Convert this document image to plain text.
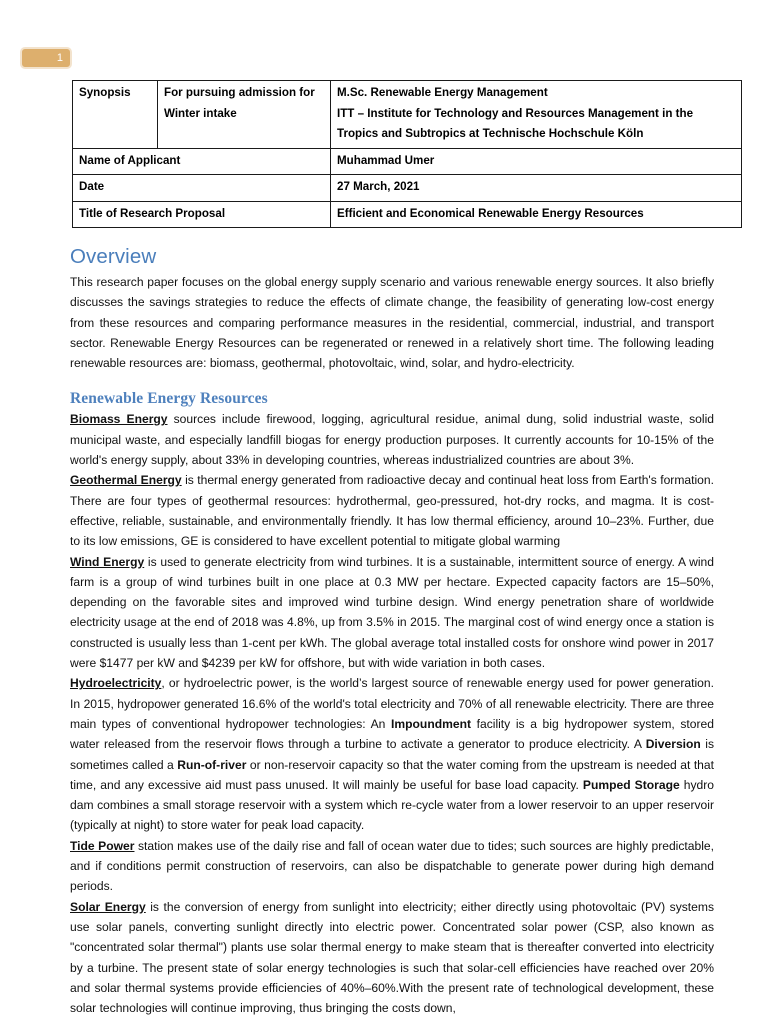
1
Synopsis	For pursuing admission for Winter intake	M.Sc. Renewable Energy Management
ITT – Institute for Technology and Resources Management in the Tropics and Subtropics at Technische Hochschule Köln

Name of Applicant		Muhammad Umer
Date		27 March, 2021
Title of Research Proposal		Efficient and Economical Renewable Energy Resources
Overview

This research paper focuses on the global energy supply scenario and various renewable energy sources. It also briefly discusses the savings strategies to reduce the effects of climate change, the feasibility of generating low-cost energy from these resources and comparing performance measures in the residential, commercial, industrial, and transport sector. Renewable Energy Resources can be regenerated or renewed in a relatively short time. The following leading renewable resources are: biomass, geothermal, photovoltaic, wind, solar, and hydro-electricity.

Renewable Energy Resources

Biomass Energy sources include firewood, logging, agricultural residue, animal dung, solid industrial waste, solid municipal waste, and especially landfill biogas for energy production purposes. It currently accounts for 10-15% of the world's energy supply, about 33% in developing countries, whereas industrialized countries are about 3%.

Geothermal Energy is thermal energy generated from radioactive decay and continual heat loss from Earth's formation. There are four types of geothermal resources: hydrothermal, geo-pressured, hot-dry rocks, and magma. It is cost-effective, reliable, sustainable, and environmentally friendly. It has low thermal efficiency, around 10–23%. Further, due to its low emissions, GE is considered to have excellent potential to mitigate global warming

Wind Energy is used to generate electricity from wind turbines. It is a sustainable, intermittent source of energy. A wind farm is a group of wind turbines built in one place at 0.3 MW per hectare. Expected capacity factors are 15–50%, depending on the favorable sites and improved wind turbine design. Wind energy penetration share of worldwide electricity usage at the end of 2018 was 4.8%, up from 3.5% in 2015. The marginal cost of wind energy once a station is constructed is usually less than 1-cent per kWh. The global average total installed costs for onshore wind power in 2017 were $1477 per kW and $4239 per kW for offshore, but with wide variation in both cases.

Hydroelectricity, or hydroelectric power, is the world’s largest source of renewable energy used for power generation. In 2015, hydropower generated 16.6% of the world's total electricity and 70% of all renewable electricity. There are three main types of conventional hydropower technologies: An Impoundment facility is a big hydropower system, stored water released from the reservoir flows through a turbine to activate a generator to produce electricity. A Diversion is sometimes called a Run-of-river or non-reservoir capacity so that the water coming from the upstream is needed at that time, and any excessive aid must pass unused. It will mainly be useful for base load capacity. Pumped Storage hydro dam combines a small storage reservoir with a system which re-cycle water from a lower reservoir to an upper reservoir (typically at night) to store water for peak load capacity.

Tide Power station makes use of the daily rise and fall of ocean water due to tides; such sources are highly predictable, and if conditions permit construction of reservoirs, can also be dispatchable to generate power during high demand periods.

Solar Energy is the conversion of energy from sunlight into electricity; either directly using photovoltaic (PV) systems use solar panels, converting sunlight directly into electric power. Concentrated solar power (CSP, also known as "concentrated solar thermal") plants use solar thermal energy to make steam that is thereafter converted into electricity by a turbine. The present state of solar energy technologies is such that solar-cell efficiencies have reached over 20% and solar thermal systems provide efficiencies of 40%–60%.With the present rate of technological development, these solar technologies will continue improving, thus bringing the costs down,
